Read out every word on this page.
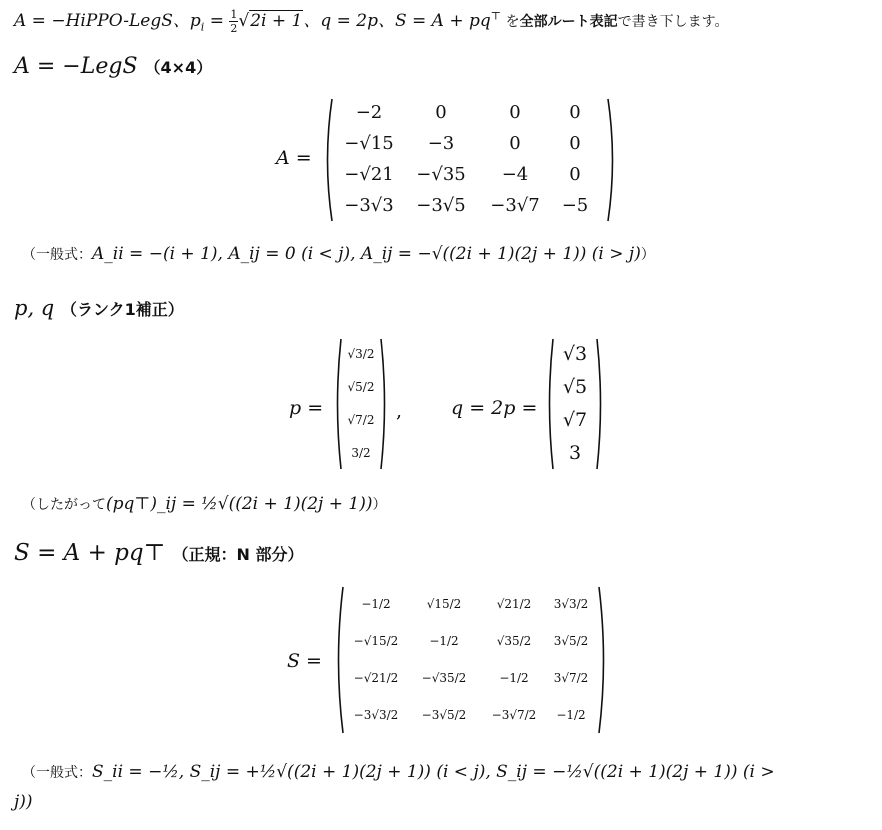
A = −HiPPO-LegS、$p_i = \frac{1}{2} √2i + 1$、q = 2p、S = A + pq⊤ を全部ルート表記で書き下します。
A = −LegS （4×4）
A =
−2	0	0	0
−√15	−3	0	0
−√21	−√35	−4	0
−3√3	−3√5	−3√7	−5
（一般式：A_ii = −(i + 1), A_ij = 0 (i < j), A_ij = −√((2i + 1)(2j + 1)) (i > j)）
p, q （ランク1補正）
p =
√3/2
√5/2
√7/2
3/2
,	q = 2p =
√3
√5
√7
3
（したがって(pq⊤)_ij = ½√((2i + 1)(2j + 1))）
S = A + pq⊤ （正規：N 部分）
S =
−1/2	√15/2	√21/2	3√3/2
−√15/2	−1/2	√35/2	3√5/2
−√21/2	−√35/2	−1/2	3√7/2
−3√3/2	−3√5/2	−3√7/2	−1/2
（一般式：S_ii = −½, S_ij = +½√((2i + 1)(2j + 1)) (i < j), S_ij = −½√((2i + 1)(2j + 1)) (i >
j))
